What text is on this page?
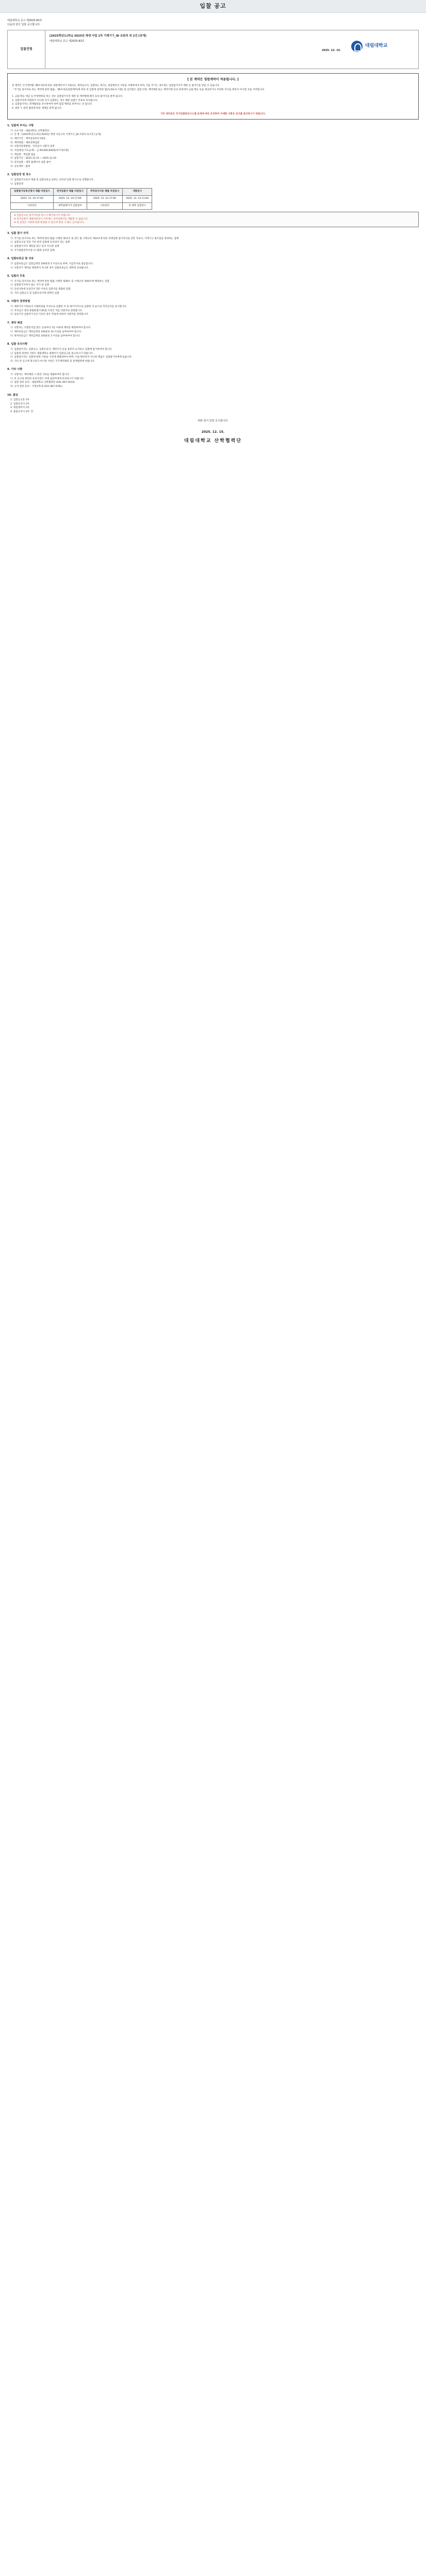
입찰 공고
대림대학교 공고 제2025-83호
다음과 같이 입찰 공고합니다.
입찰건명
[2025학년도(하)] 2025년 재생 사업 1차 기계기구_ID 조완의 외 2건 [공개]
대림대학교 공고 제2025-83호
2025. 12. 15.
대림대학교
[ 본 계약은 청렴계약이 적용됩니다. ]
본 계약은 국가계약법 제5조의2에 따른 청렴계약서가 적용되는 계약입니다. 입찰하는 회사는 청렴계약서 사항을 이행하여야 하며, 이를 어기는 경우에는 입찰참가자격 제한 등 불이익을 받을 수 있습니다.
「국가를 당사자로 하는 계약에 관한 법률」제5조의2(청렴계약)에 따라 본 입찰에 참여한 법인(대표자 포함) 및 임직원은 입찰·낙찰, 계약체결 또는 계약이행 등의 과정에서 금품·향응 등을 제공하거나 부당한 이익을 취하지 아니할 것을 서약합니다.
1. 금품·향응 제공 등 부정행위를 하는 경우 입찰참가자격 제한 및 계약해제·해지 등의 불이익을 받게 됩니다.
2. 입찰자격에 적합하지 아니한 자가 입찰하는 경우 해당 입찰은 무효로 처리됩니다.
3. 입찰참가자는 관계법령을 준수하여야 하며 담합 행위를 하여서는 안 됩니다.
4. 위반 시 관련 법령에 따른 제재를 받게 됩니다.
기타 대부분은 국가입찰관리시스템 공개에 따라 조치하며 자세한 사항은 공고를 참고하시기 바랍니다.
1. 입찰에 부치는 사항
가. 수요기관 : 대림대학교 산학협력단
나. 건 명 : [2025학년도(하)] 2025년 재생 사업 1차 기계기구_ID 조완의 외 2건 [공개]
다. 계약기간 : 계약일로부터 30일
라. 계약방법 : 제한경쟁입찰
마. 낙찰자결정방법 : 적격심사 낙찰자 결정
바. 사업예산(기초금액) : 금 90,000,000원(부가세포함)
사. 재입찰 : 재입찰 없음
아. 입찰기간 : 2025.12.15 ~ 2025.12.19
자. 전자입찰 : 대학 홈페이지 입찰 참여
차. 공동계약 : 불허
2. 입찰일정 및 장소
가. 입찰참가신청서 제출 및 입찰보증금 납부는 인터넷 입찰 방식으로 진행합니다.
나. 입찰일정
입찰참가등록신청서 제출 마감일시	전자입찰서 제출 마감일시	적격심사서류 제출 마감일시	개찰일시
2025. 12. 19 17:00	2025. 12. 19 17:00	2025. 12. 22 17:00	2025. 12. 23 11:00
나라장터	대학홈페이지 입찰참여	나라장터	본 대학 입찰장소
※ 입찰공고문 참가자격을 반드시 확인하시기 바랍니다.
※ 전자입찰서 제출마감일시 이후에는 전자입찰서를 제출할 수 없습니다.
※ 위 일정은 사정에 따라 변경될 수 있으며 변경 시 별도 공지합니다.
3. 입찰 참가 자격
가. 국가를 당사자로 하는 계약에 관한 법률 시행령 제12조 및 같은 법 시행규칙 제14조에 따른 경쟁입찰 참가자격을 갖춘 자로서, 기계기구 제조업을 영위하는 업체
나. 입찰공고일 전일 기준 관련 업종에 등록되어 있는 업체
다. 입찰참가자격 제한을 받고 있지 아니한 업체
라. 국가종합전자조달시스템에 등록된 업체
4. 입찰보증금 및 귀속
가. 입찰보증금은 입찰금액의 100분의 5 이상으로 하며, 지급각서로 갈음합니다.
나. 낙찰자가 계약을 체결하지 아니한 경우 입찰보증금은 대학에 귀속됩니다.
5. 입찰의 무효
가. 국가를 당사자로 하는 계약에 관한 법률 시행령 제39조 및 시행규칙 제44조에 해당하는 입찰
나. 입찰참가자격이 없는 자가 한 입찰
다. 동일사항에 동일인이 2통 이상의 입찰서를 제출한 입찰
라. 기타 입찰공고 및 입찰유의서에 위반된 입찰
6. 낙찰자 결정방법
가. 예정가격 이하로서 낙찰하한율 이상으로 입찰한 자 중 최저가격으로 입찰한 자 순으로 적격심사를 실시합니다.
나. 적격심사 결과 종합평점이 85점 이상인 자를 낙찰자로 결정합니다.
다. 동일가격 입찰자가 2인 이상인 경우 추첨에 의하여 낙찰자를 결정합니다.
7. 계약 체결
가. 낙찰자는 낙찰통지를 받은 날로부터 7일 이내에 계약을 체결하여야 합니다.
나. 계약보증금은 계약금액의 100분의 10 이상을 납부하여야 합니다.
다. 하자보증금은 계약금액의 100분의 3 이상을 납부하여야 합니다.
8. 입찰 유의사항
가. 입찰참가자는 입찰공고, 입찰유의서, 계약조건 등을 충분히 숙지하고 입찰에 참가하여야 합니다.
나. 입찰과 관련한 사항은 대림대학교 홈페이지 입찰공고를 참고하시기 바랍니다.
다. 입찰참가자는 입찰에 관한 서류를 사전에 열람하여야 하며, 이를 확인하지 아니한 책임은 입찰참가자에게 있습니다.
라. 기타 본 공고에 명시되지 아니한 사항은 국가계약법령 및 관계법령에 따릅니다.
9. 기타 사항
가. 낙찰자는 계약체결 시 관련 서류를 제출하여야 합니다.
나. 본 공고와 관련된 문의사항은 아래 담당자에게 문의하시기 바랍니다.
다. 입찰 관련 문의 : 대림대학교 산학협력단 (031-467-4533)
라. 규격 관련 문의 : 기계공학과 (031-467-4761)
10. 붙임
1. 입찰공고문 1부.
2. 입찰유의서 1부.
3. 청렴계약서 1부.
4. 물품규격서 1부. 끝.
위와 같이 입찰 공고합니다.
2025. 12. 15.
대림대학교 산학협력단
